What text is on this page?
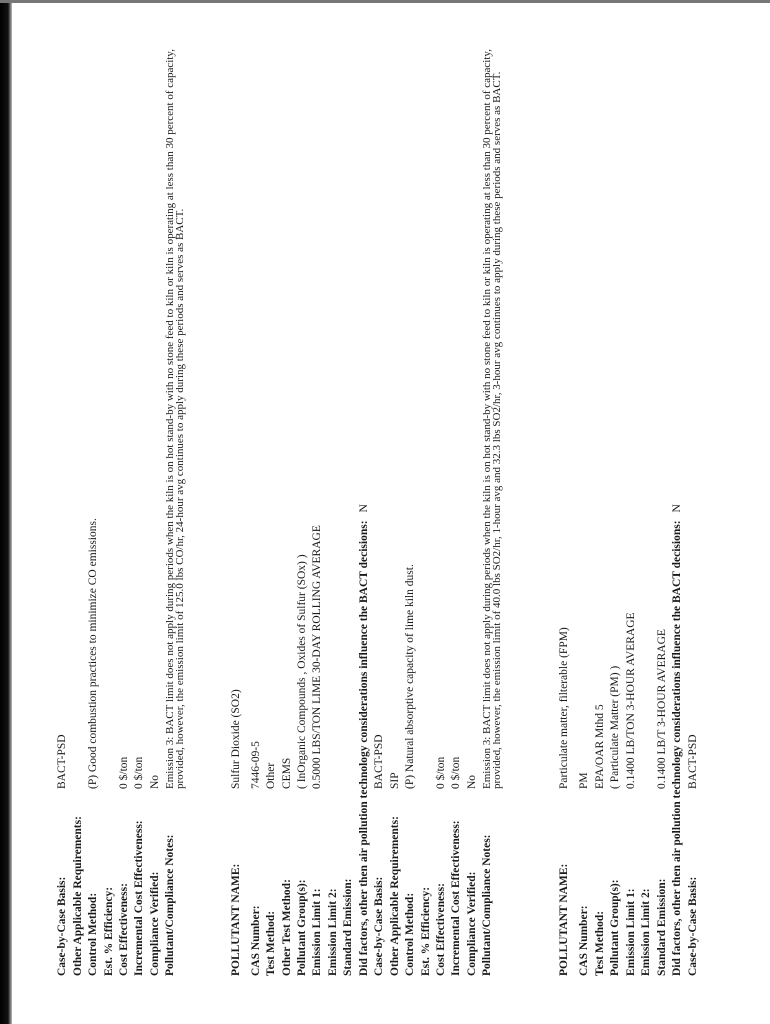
Case-by-Case Basis:
BACT-PSD
Other Applicable Requirements: Control Method:
(P) Good combustion practices to minimize CO emissions.
Est. % Efficiency: Cost Effectiveness:
0 $/ton
Incremental Cost Effectiveness:
0 $/ton
Compliance Verified:
No
Pollutant/Compliance Notes:
Emission 3: BACT limit does not apply during periods when the kiln is on hot stand-by with no stone feed to kiln or kiln is operating at less than 30 percent of capacity, provided, however, the emission limit of 125.0 lbs CO/hr, 24-hour avg continues to apply during these periods and serves as BACT.
POLLUTANT NAME:
Sulfur Dioxide (SO2)
CAS Number:
7446-09-5
Test Method:
Other
Other Test Method:
CEMS
Pollutant Group(s):
( InOrganic Compounds , Oxides of Sulfur (SOx) )
Emission Limit 1:
0.5000 LBS/TON LIME 30-DAY ROLLING AVERAGE
Emission Limit 2: Standard Emission: Did factors, other then air pollution technology considerations influence the BACT decisions:N
Case-by-Case Basis:
BACT-PSD
Other Applicable Requirements:
SIP
Control Method:
(P) Natural absorptive capacity of lime kiln dust.
Est. % Efficiency: Cost Effectiveness:
0 $/ton
Incremental Cost Effectiveness:
0 $/ton
Compliance Verified:
No
Pollutant/Compliance Notes:
Emission 3: BACT limit does not apply during periods when the kiln is on hot stand-by with no stone feed to kiln or kiln is operating at less than 30 percent of capacity, provided, however, the emission limit of 40.0 lbs SO2/hr, 1-hour avg and 32.3 lbs SO2/hr, 3-hour avg continues to apply during these periods and serves as BACT.
POLLUTANT NAME:
Particulate matter, filterable (FPM)
CAS Number:
PM
Test Method:
EPA/OAR Mthd 5
Pollutant Group(s):
( Particulate Matter (PM) )
Emission Limit 1:
0.1400 LB/TON 3-HOUR AVERAGE
Emission Limit 2: Standard Emission:
0.1400 LB/T 3-HOUR AVERAGE Did factors, other then air pollution technology considerations influence the BACT decisions:N
Case-by-Case Basis:
BACT-PSD
